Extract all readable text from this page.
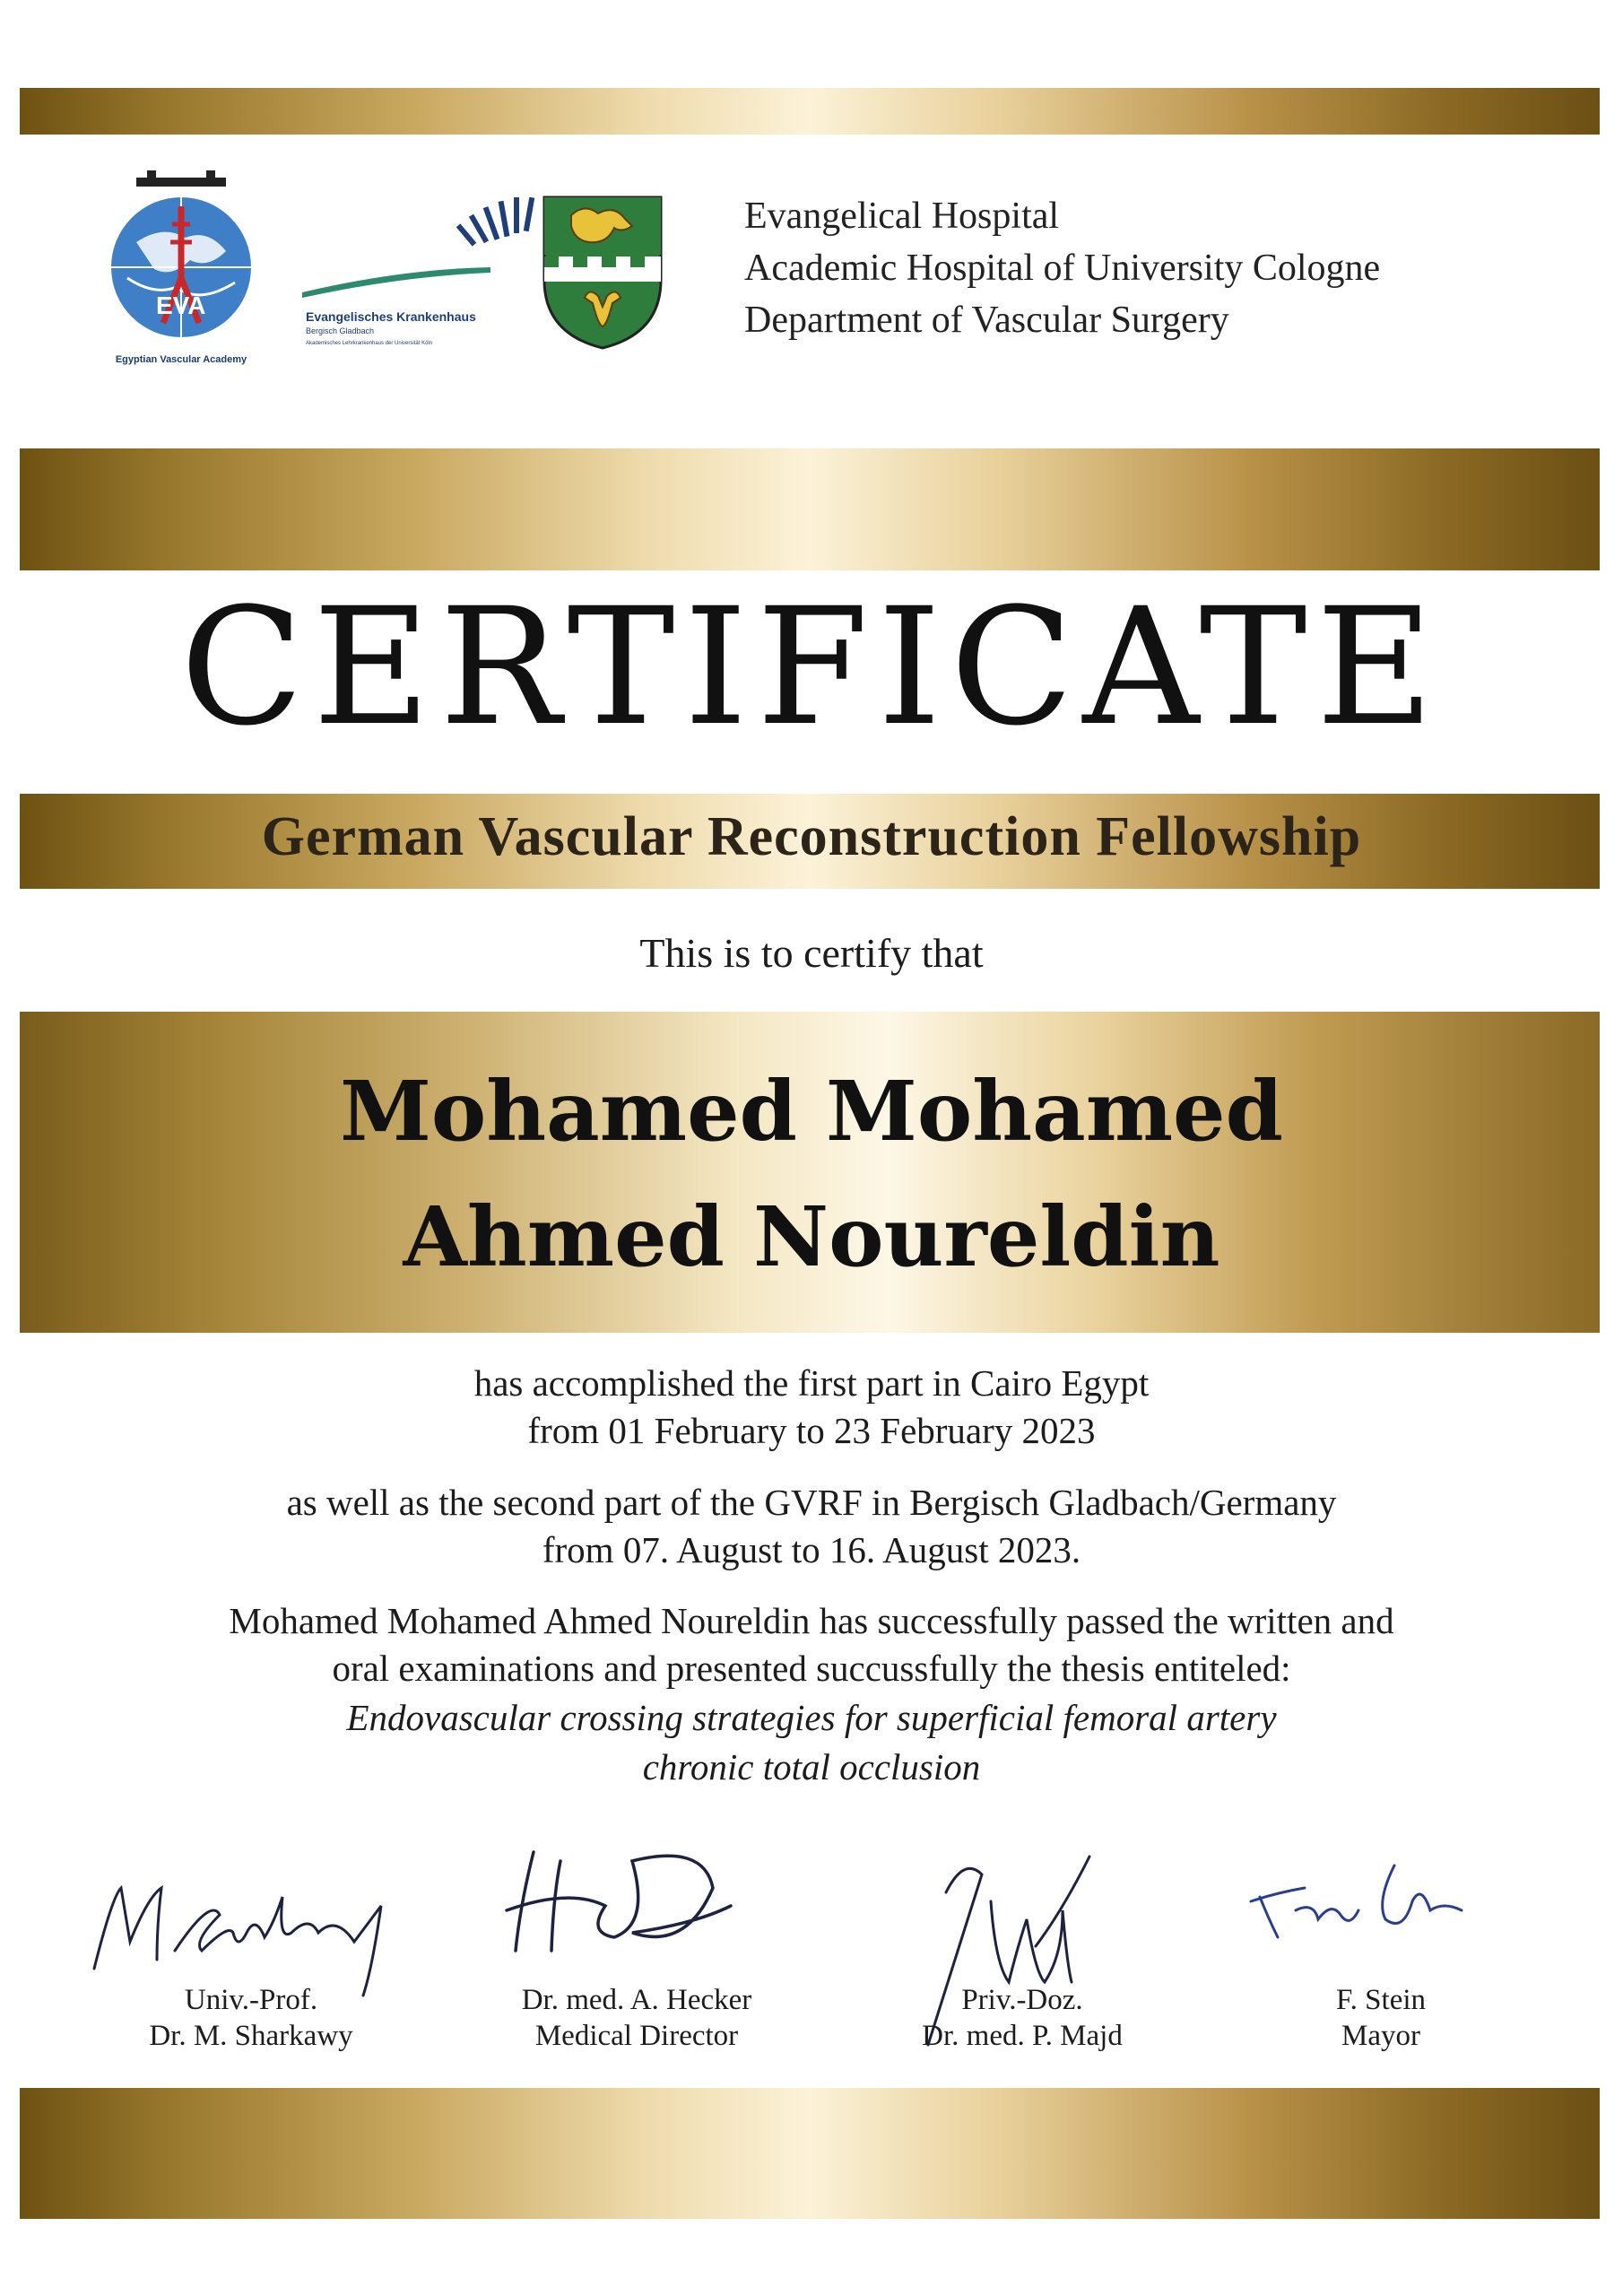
EVA
Egyptian Vascular Academy
Evangelisches Krankenhaus
Bergisch Gladbach
Akademisches Lehrkrankenhaus der Universität Köln
Evangelical Hospital
Academic Hospital of University Cologne
Department of Vascular Surgery
CERTIFICATE
German Vascular Reconstruction Fellowship
This is to certify that
Mohamed Mohamed
Ahmed Noureldin
has accomplished the first part in Cairo Egypt
from 01 February to 23 February 2023
as well as the second part of the GVRF in Bergisch Gladbach/Germany
from 07. August to 16. August 2023.
Mohamed Mohamed Ahmed Noureldin has successfully passed the written and
oral examinations and presented succussfully the thesis entiteled:
Endovascular crossing strategies for superficial femoral artery
chronic total occlusion
Univ.-Prof.
Dr. M. Sharkawy
Dr. med. A. Hecker
Medical Director
Priv.-Doz.
Dr. med. P. Majd
F. Stein
Mayor
